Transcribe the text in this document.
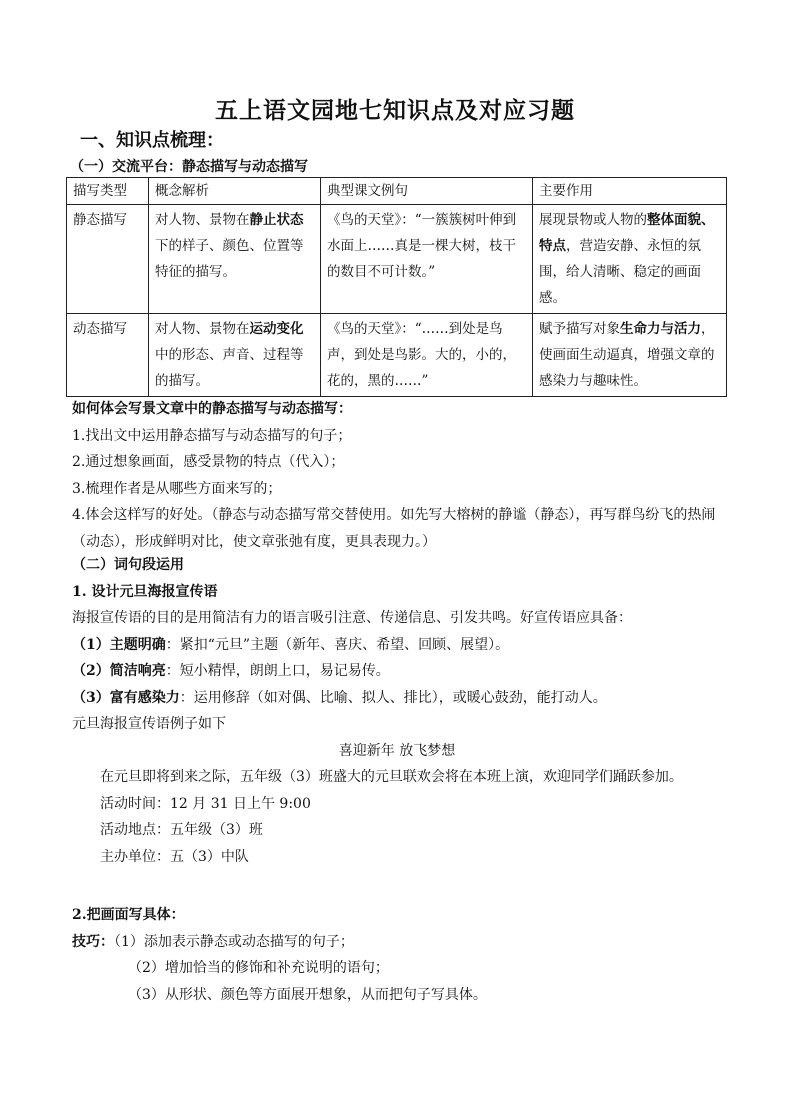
五上语文园地七知识点及对应习题
一、知识点梳理：
（一）交流平台：静态描写与动态描写
描写类型	概念解析	典型课文例句	主要作用
静态描写	对人物、景物在静止状态下的样子、颜色、位置等特征的描写。	《鸟的天堂》：“一簇簇树叶伸到水面上……真是一棵大树，枝干的数目不可计数。”	展现景物或人物的整体面貌、特点，营造安静、永恒的氛围，给人清晰、稳定的画面感。
动态描写	对人物、景物在运动变化中的形态、声音、过程等的描写。	《鸟的天堂》：“……到处是鸟声，到处是鸟影。大的，小的，花的，黑的……”	赋予描写对象生命力与活力，使画面生动逼真，增强文章的感染力与趣味性。
如何体会写景文章中的静态描写与动态描写：
1.找出文中运用静态描写与动态描写的句子；
2.通过想象画面，感受景物的特点（代入）；
3.梳理作者是从哪些方面来写的；
4.体会这样写的好处。（静态与动态描写常交替使用。如先写大榕树的静谧（静态），再写群鸟纷飞的热闹（动态），形成鲜明对比，使文章张弛有度，更具表现力。）
（二）词句段运用
1. 设计元旦海报宣传语
海报宣传语的目的是用简洁有力的语言吸引注意、传递信息、引发共鸣。好宣传语应具备：
（1）主题明确：紧扣“元旦”主题（新年、喜庆、希望、回顾、展望）。
（2）简洁响亮：短小精悍，朗朗上口，易记易传。
（3）富有感染力：运用修辞（如对偶、比喻、拟人、排比），或暖心鼓劲，能打动人。
元旦海报宣传语例子如下
喜迎新年 放飞梦想
在元旦即将到来之际，五年级（3）班盛大的元旦联欢会将在本班上演，欢迎同学们踊跃参加。
活动时间：12 月 31 日上午 9:00
活动地点：五年级（3）班
主办单位：五（3）中队
2.把画面写具体：
技巧：（1）添加表示静态或动态描写的句子；
（2）增加恰当的修饰和补充说明的语句；
（3）从形状、颜色等方面展开想象，从而把句子写具体。
